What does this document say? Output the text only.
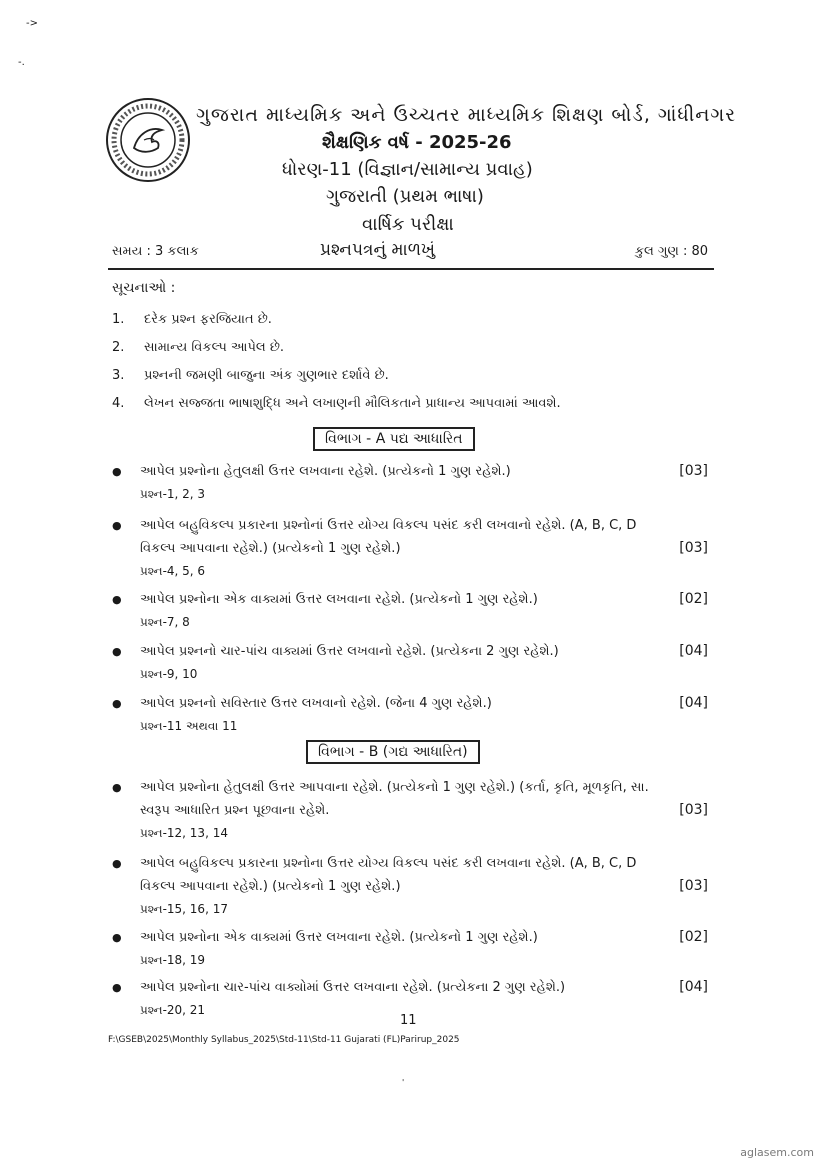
->
-.
ગુજરાત માધ્યમિક અને ઉચ્ચતર માધ્યમિક શિક્ષણ બોર્ડ, ગાંધીનગર
શૈક્ષણિક વર્ષ - 2025-26
ધોરણ-11 (વિજ્ઞાન/સામાન્ય પ્રવાહ)
ગુજરાતી (પ્રથમ ભાષા)
વાર્ષિક પરીક્ષા
સમય : 3 કલાક	પ્રશ્નપત્રનું માળખું	કુલ ગુણ : 80
સૂચનાઓ :
1. દરેક પ્રશ્ન ફરજિયાત છે.
2. સામાન્ય વિકલ્પ આપેલ છે.
3. પ્રશ્નની જમણી બાજુના અંક ગુણભાર દર્શાવે છે.
4. લેખન સજ્જતા ભાષાશુદ્ધિ અને લખાણની મૌલિકતાને પ્રાધાન્ય આપવામાં આવશે.
વિભાગ - A પદ્ય આધારિત
● આપેલ પ્રશ્નોના હેતુલક્ષી ઉત્તર લખવાના રહેશે. (પ્રત્યેકનો 1 ગુણ રહેશે.)
પ્રશ્ન-1, 2, 3
[03]
● આપેલ બહુવિકલ્પ પ્રકારના પ્રશ્નોનાં ઉત્તર યોગ્ય વિકલ્પ પસંદ કરી લખવાનો રહેશે. (A, B, C, D વિકલ્પ આપવાના રહેશે.) (પ્રત્યેકનો 1 ગુણ રહેશે.)
પ્રશ્ન-4, 5, 6
[03]
● આપેલ પ્રશ્નોના એક વાક્યમાં ઉત્તર લખવાના રહેશે. (પ્રત્યેકનો 1 ગુણ રહેશે.)
પ્રશ્ન-7, 8
[02]
● આપેલ પ્રશ્નનો ચાર-પાંચ વાક્યમાં ઉત્તર લખવાનો રહેશે. (પ્રત્યેકના 2 ગુણ રહેશે.)
પ્રશ્ન-9, 10
[04]
● આપેલ પ્રશ્નનો સવિસ્તાર ઉત્તર લખવાનો રહેશે. (જેના 4 ગુણ રહેશે.)
પ્રશ્ન-11 અથવા 11
[04]
વિભાગ - B (ગદ્ય આધારિત)
● આપેલ પ્રશ્નોના હેતુલક્ષી ઉત્તર આપવાના રહેશે. (પ્રત્યેકનો 1 ગુણ રહેશે.) (કર્તા, કૃતિ, મૂળકૃતિ, સા. સ્વરૂપ આધારિત પ્રશ્ન પૂછવાના રહેશે.
પ્રશ્ન-12, 13, 14
[03]
● આપેલ બહુવિકલ્પ પ્રકારના પ્રશ્નોના ઉત્તર યોગ્ય વિકલ્પ પસંદ કરી લખવાના રહેશે. (A, B, C, D વિકલ્પ આપવાના રહેશે.) (પ્રત્યેકનો 1 ગુણ રહેશે.)
પ્રશ્ન-15, 16, 17
[03]
● આપેલ પ્રશ્નોના એક વાક્યમાં ઉત્તર લખવાના રહેશે. (પ્રત્યેકનો 1 ગુણ રહેશે.)
પ્રશ્ન-18, 19
[02]
● આપેલ પ્રશ્નોના ચાર-પાંચ વાક્યોમાં ઉત્તર લખવાના રહેશે. (પ્રત્યેકના 2 ગુણ રહેશે.)
પ્રશ્ન-20, 21
[04]
11
F:\GSEB\2025\Monthly Syllabus_2025\Std-11\Std-11 Gujarati (FL)Parirup_2025
'
aglasem.com
